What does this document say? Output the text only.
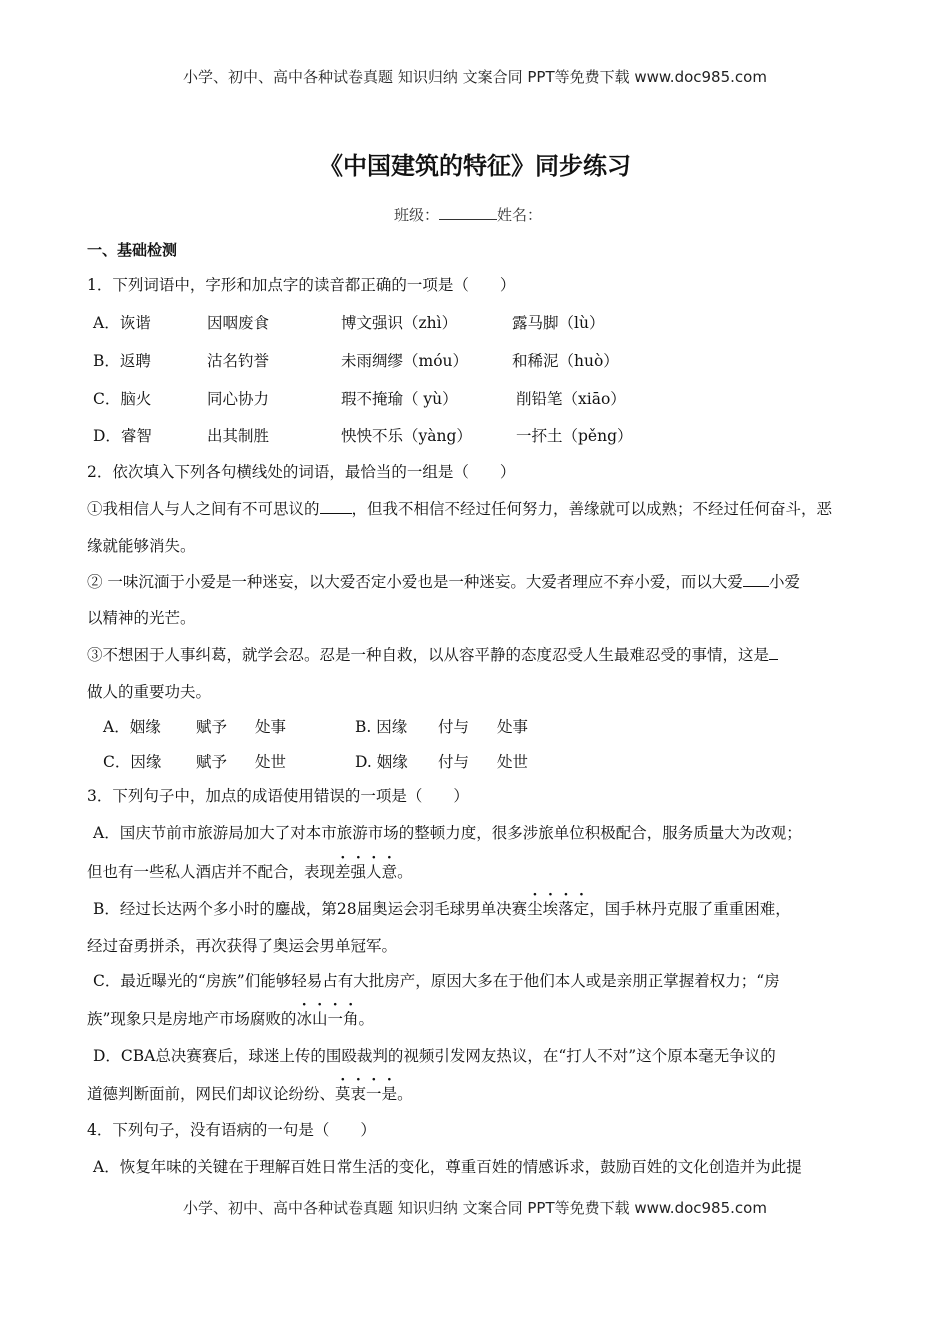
小学、初中、高中各种试卷真题 知识归纳 文案合同 PPT等免费下载 www.doc985.com
《中国建筑的特征》同步练习
班级：	姓名：
一、基础检测
1．下列词语中，字形和加点字的读音都正确的一项是（　　）
A．诙谐	因咽废食	博文强识（zhì）	露马脚（lù）
B．返聘	沽名钓誉	未雨绸缪（móu）	和稀泥（huò）
C．脑火	同心协力	瑕不掩瑜（ yù）	削铅笔（xiāo）
D．睿智	出其制胜	怏怏不乐（yàng）	一抔土（pěng）
2．依次填入下列各句横线处的词语，最恰当的一组是（　　）
①我相信人与人之间有不可思议的 ，但我不相信不经过任何努力，善缘就可以成熟；不经过任何奋斗，恶
缘就能够消失。
② 一味沉湎于小爱是一种迷妄，以大爱否定小爱也是一种迷妄。大爱者理应不弃小爱，而以大爱 小爱
以精神的光芒。
③不想困于人事纠葛，就学会忍。忍是一种自救，以从容平静的态度忍受人生最难忍受的事情，这是
做人的重要功夫。
A．姻缘 赋予 处事	B. 因缘 付与 处事
C．因缘 赋予 处世	D. 姻缘 付与 处世
3．下列句子中，加点的成语使用错误的一项是（　　）
A．国庆节前市旅游局加大了对本市旅游市场的整顿力度，很多涉旅单位积极配合，服务质量大为改观；
但也有一些私人酒店并不配合，表现差强人意。
B．经过长达两个多小时的鏖战，第28届奥运会羽毛球男单决赛尘埃落定，国手林丹克服了重重困难，
经过奋勇拼杀，再次获得了奥运会男单冠军。
C．最近曝光的“房族”们能够轻易占有大批房产，原因大多在于他们本人或是亲朋正掌握着权力；“房
族”现象只是房地产市场腐败的冰山一角。
D．CBA总决赛赛后，球迷上传的围殴裁判的视频引发网友热议，在“打人不对”这个原本毫无争议的
道德判断面前，网民们却议论纷纷、莫衷一是。
4．下列句子，没有语病的一句是（　　）
A．恢复年味的关键在于理解百姓日常生活的变化，尊重百姓的情感诉求，鼓励百姓的文化创造并为此提
小学、初中、高中各种试卷真题 知识归纳 文案合同 PPT等免费下载 www.doc985.com
